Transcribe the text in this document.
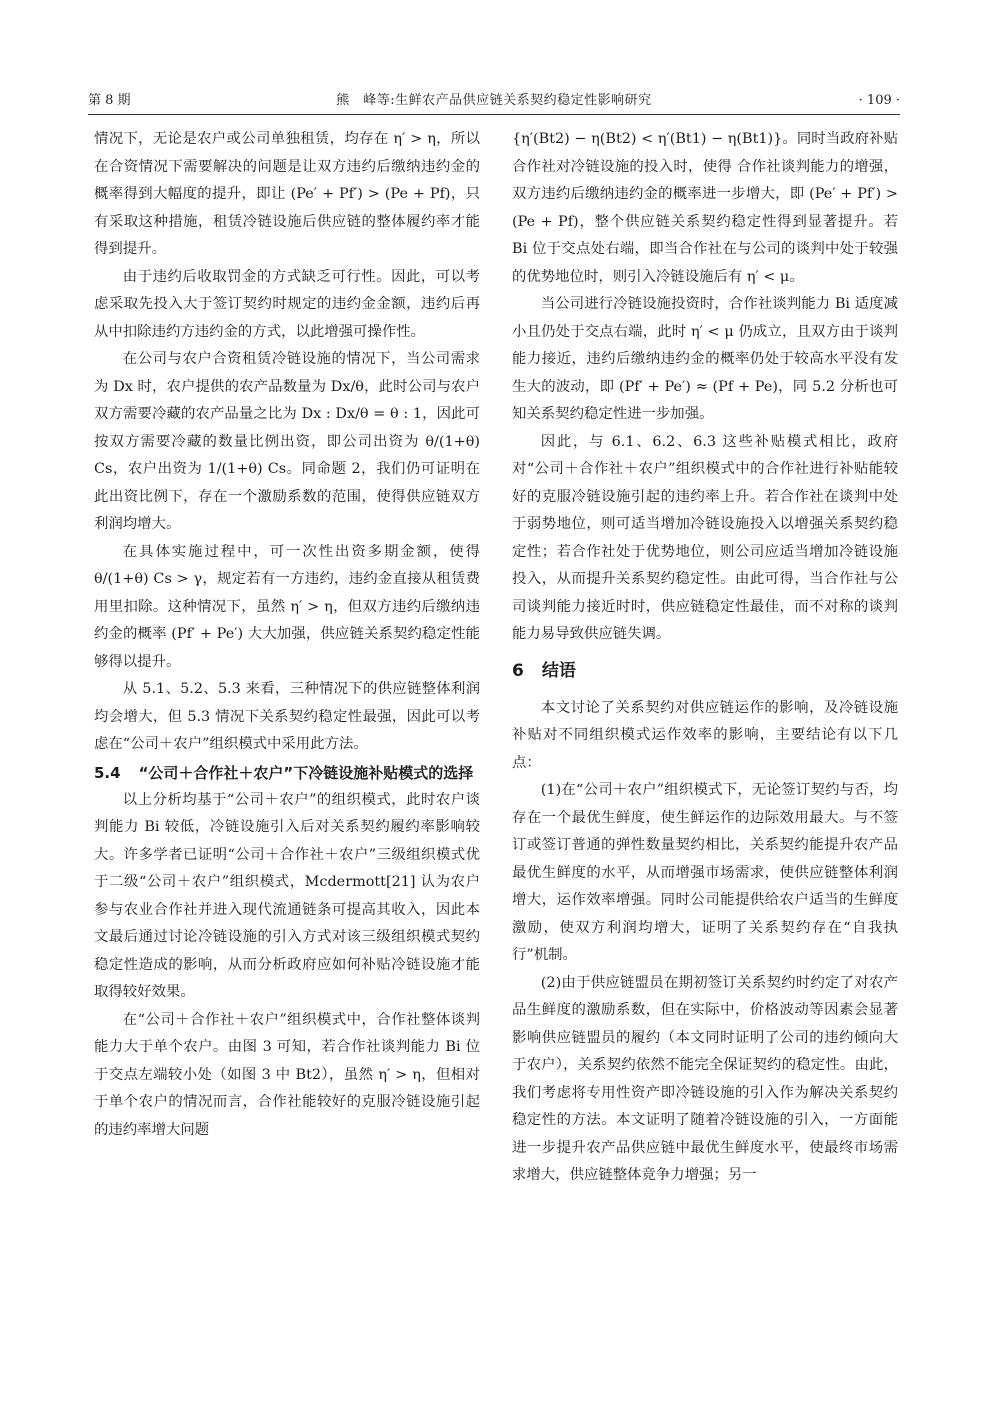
第 8 期	熊　峰等:生鲜农产品供应链关系契约稳定性影响研究	· 109 ·

情况下，无论是农户或公司单独租赁，均存在 η′ > η，所以在合资情况下需要解决的问题是让双方违约后缴纳违约金的概率得到大幅度的提升，即让 (Pe′ + Pf′) > (Pe + Pf)，只有采取这种措施，租赁冷链设施后供应链的整体履约率才能得到提升。

由于违约后收取罚金的方式缺乏可行性。因此，可以考虑采取先投入大于签订契约时规定的违约金金额，违约后再从中扣除违约方违约金的方式，以此增强可操作性。

在公司与农户合资租赁冷链设施的情况下，当公司需求为 Dx 时，农户提供的农产品数量为 Dx/θ，此时公司与农户双方需要冷藏的农产品量之比为 Dx : Dx/θ = θ : 1，因此可按双方需要冷藏的数量比例出资，即公司出资为 θ/(1+θ) Cs，农户出资为 1/(1+θ) Cs。同命题 2，我们仍可证明在此出资比例下，存在一个激励系数的范围，使得供应链双方利润均增大。

在具体实施过程中，可一次性出资多期金额，使得 θ/(1+θ) Cs > γ，规定若有一方违约，违约金直接从租赁费用里扣除。这种情况下，虽然 η′ > η，但双方违约后缴纳违约金的概率 (Pf′ + Pe′) 大大加强，供应链关系契约稳定性能够得以提升。

从 5.1、5.2、5.3 来看，三种情况下的供应链整体利润均会增大，但 5.3 情况下关系契约稳定性最强，因此可以考虑在“公司＋农户”组织模式中采用此方法。

5.4 “公司＋合作社＋农户”下冷链设施补贴模式的选择

以上分析均基于“公司＋农户”的组织模式，此时农户谈判能力 Bi 较低，冷链设施引入后对关系契约履约率影响较大。许多学者已证明“公司＋合作社＋农户”三级组织模式优于二级“公司＋农户”组织模式，Mcdermott[21] 认为农户参与农业合作社并进入现代流通链条可提高其收入，因此本文最后通过讨论冷链设施的引入方式对该三级组织模式契约稳定性造成的影响，从而分析政府应如何补贴冷链设施才能取得较好效果。

在“公司＋合作社＋农户”组织模式中，合作社整体谈判能力大于单个农户。由图 3 可知，若合作社谈判能力 Bi 位于交点左端较小处（如图 3 中 Bt2），虽然 η′ > η，但相对于单个农户的情况而言，合作社能较好的克服冷链设施引起的违约率增大问题

{η′(Bt2) − η(Bt2) < η′(Bt1) − η(Bt1)}。同时当政府补贴合作社对冷链设施的投入时，使得 合作社谈判能力的增强，双方违约后缴纳违约金的概率进一步增大，即 (Pe′ + Pf′) > (Pe + Pf)，整个供应链关系契约稳定性得到显著提升。若 Bi 位于交点处右端，即当合作社在与公司的谈判中处于较强的优势地位时，则引入冷链设施后有 η′ < μ。

当公司进行冷链设施投资时，合作社谈判能力 Bi 适度减小且仍处于交点右端，此时 η′ < μ 仍成立，且双方由于谈判能力接近，违约后缴纳违约金的概率仍处于较高水平没有发生大的波动，即 (Pf′ + Pe′) ≈ (Pf + Pe)，同 5.2 分析也可知关系契约稳定性进一步加强。

因此，与 6.1、6.2、6.3 这些补贴模式相比，政府对“公司＋合作社＋农户”组织模式中的合作社进行补贴能较好的克服冷链设施引起的违约率上升。若合作社在谈判中处于弱势地位，则可适当增加冷链设施投入以增强关系契约稳定性；若合作社处于优势地位，则公司应适当增加冷链设施投入，从而提升关系契约稳定性。由此可得，当合作社与公司谈判能力接近时时，供应链稳定性最佳，而不对称的谈判能力易导致供应链失调。

6 结语

本文讨论了关系契约对供应链运作的影响，及冷链设施补贴对不同组织模式运作效率的影响，主要结论有以下几点：

(1)在“公司＋农户”组织模式下，无论签订契约与否，均存在一个最优生鲜度，使生鲜运作的边际效用最大。与不签订或签订普通的弹性数量契约相比，关系契约能提升农产品最优生鲜度的水平，从而增强市场需求，使供应链整体利润增大，运作效率增强。同时公司能提供给农户适当的生鲜度激励，使双方利润均增大，证明了关系契约存在“自我执行”机制。

(2)由于供应链盟员在期初签订关系契约时约定了对农产品生鲜度的激励系数，但在实际中，价格波动等因素会显著影响供应链盟员的履约（本文同时证明了公司的违约倾向大于农户），关系契约依然不能完全保证契约的稳定性。由此，我们考虑将专用性资产即冷链设施的引入作为解决关系契约稳定性的方法。本文证明了随着冷链设施的引入，一方面能进一步提升农产品供应链中最优生鲜度水平，使最终市场需求增大，供应链整体竞争力增强；另一
